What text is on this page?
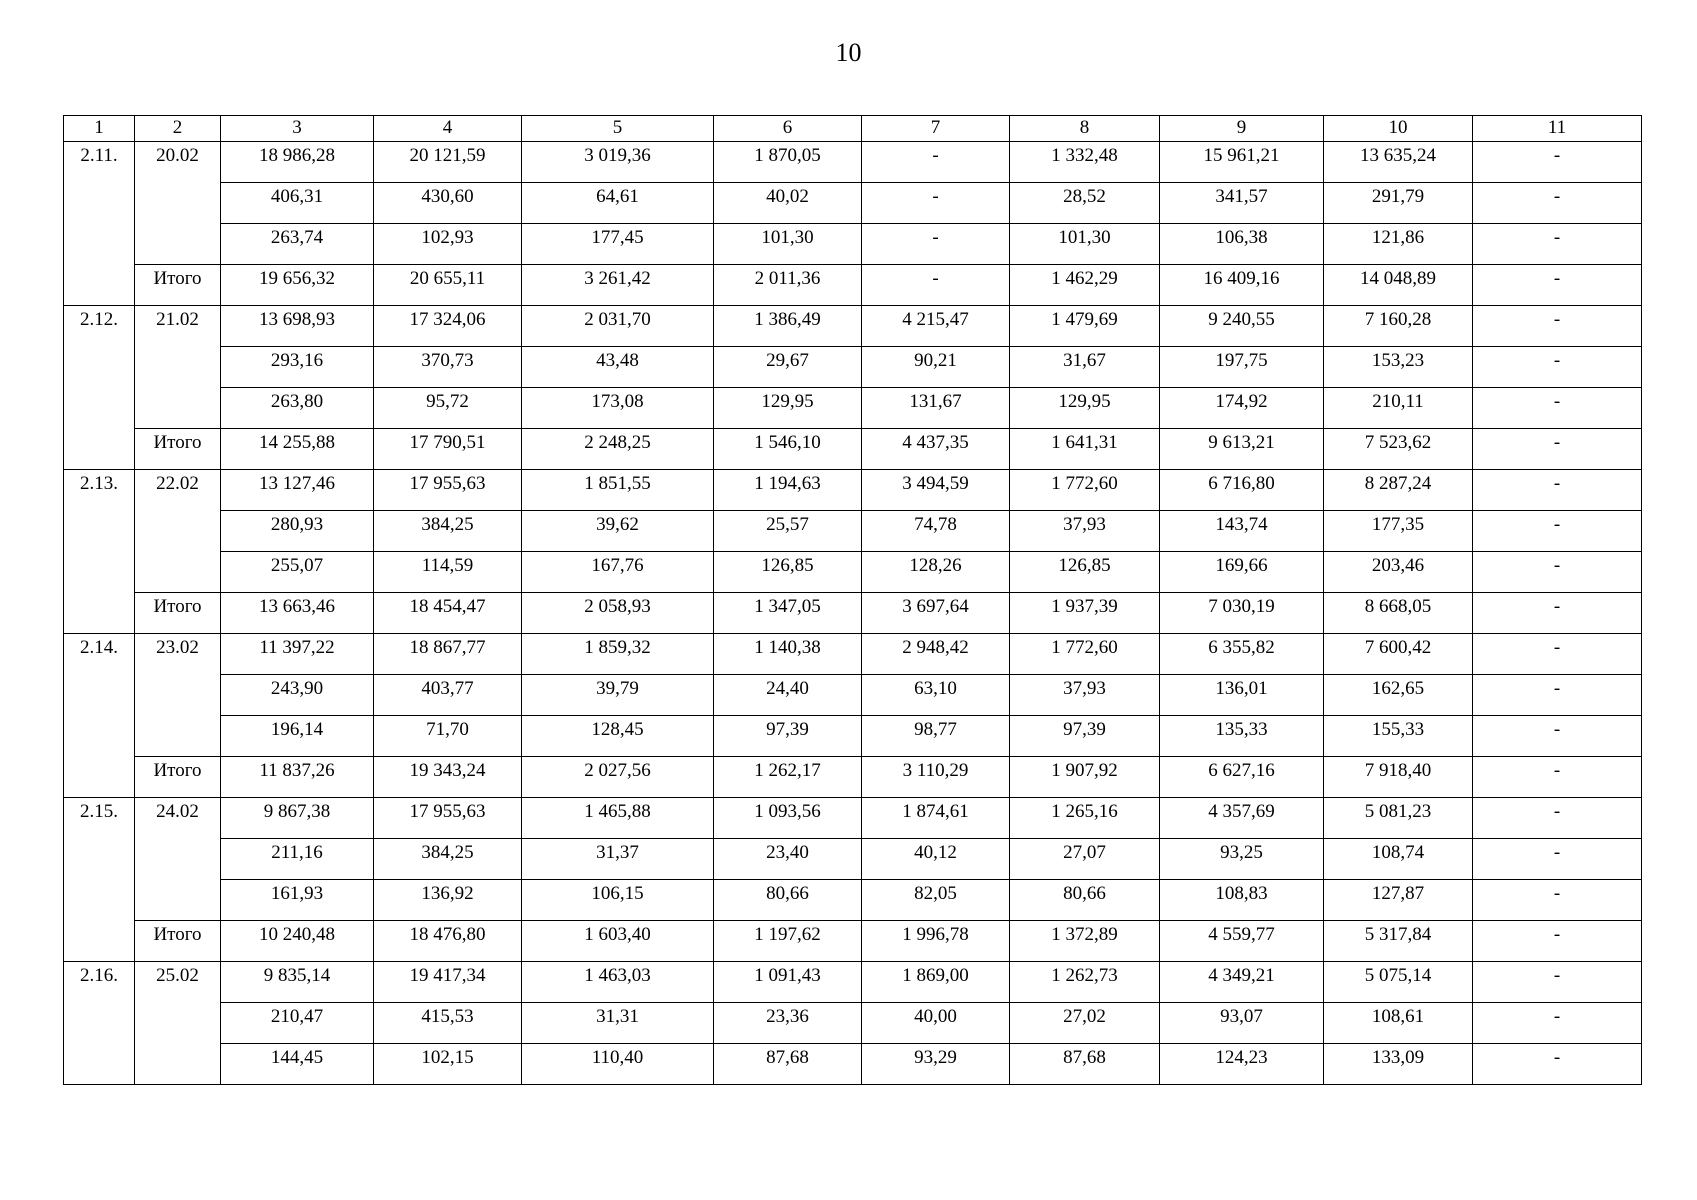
10
1	2	3	4	5	6	7	8	9	10	11
2.11.	20.02	18 986,28	20 121,59	3 019,36	1 870,05	-	1 332,48	15 961,21	13 635,24	-
		406,31	430,60	64,61	40,02	-	28,52	341,57	291,79	-
		263,74	102,93	177,45	101,30	-	101,30	106,38	121,86	-
	Итого	19 656,32	20 655,11	3 261,42	2 011,36	-	1 462,29	16 409,16	14 048,89	-
2.12.	21.02	13 698,93	17 324,06	2 031,70	1 386,49	4 215,47	1 479,69	9 240,55	7 160,28	-
		293,16	370,73	43,48	29,67	90,21	31,67	197,75	153,23	-
		263,80	95,72	173,08	129,95	131,67	129,95	174,92	210,11	-
	Итого	14 255,88	17 790,51	2 248,25	1 546,10	4 437,35	1 641,31	9 613,21	7 523,62	-
2.13.	22.02	13 127,46	17 955,63	1 851,55	1 194,63	3 494,59	1 772,60	6 716,80	8 287,24	-
		280,93	384,25	39,62	25,57	74,78	37,93	143,74	177,35	-
		255,07	114,59	167,76	126,85	128,26	126,85	169,66	203,46	-
	Итого	13 663,46	18 454,47	2 058,93	1 347,05	3 697,64	1 937,39	7 030,19	8 668,05	-
2.14.	23.02	11 397,22	18 867,77	1 859,32	1 140,38	2 948,42	1 772,60	6 355,82	7 600,42	-
		243,90	403,77	39,79	24,40	63,10	37,93	136,01	162,65	-
		196,14	71,70	128,45	97,39	98,77	97,39	135,33	155,33	-
	Итого	11 837,26	19 343,24	2 027,56	1 262,17	3 110,29	1 907,92	6 627,16	7 918,40	-
2.15.	24.02	9 867,38	17 955,63	1 465,88	1 093,56	1 874,61	1 265,16	4 357,69	5 081,23	-
		211,16	384,25	31,37	23,40	40,12	27,07	93,25	108,74	-
		161,93	136,92	106,15	80,66	82,05	80,66	108,83	127,87	-
	Итого	10 240,48	18 476,80	1 603,40	1 197,62	1 996,78	1 372,89	4 559,77	5 317,84	-
2.16.	25.02	9 835,14	19 417,34	1 463,03	1 091,43	1 869,00	1 262,73	4 349,21	5 075,14	-
		210,47	415,53	31,31	23,36	40,00	27,02	93,07	108,61	-
		144,45	102,15	110,40	87,68	93,29	87,68	124,23	133,09	-
